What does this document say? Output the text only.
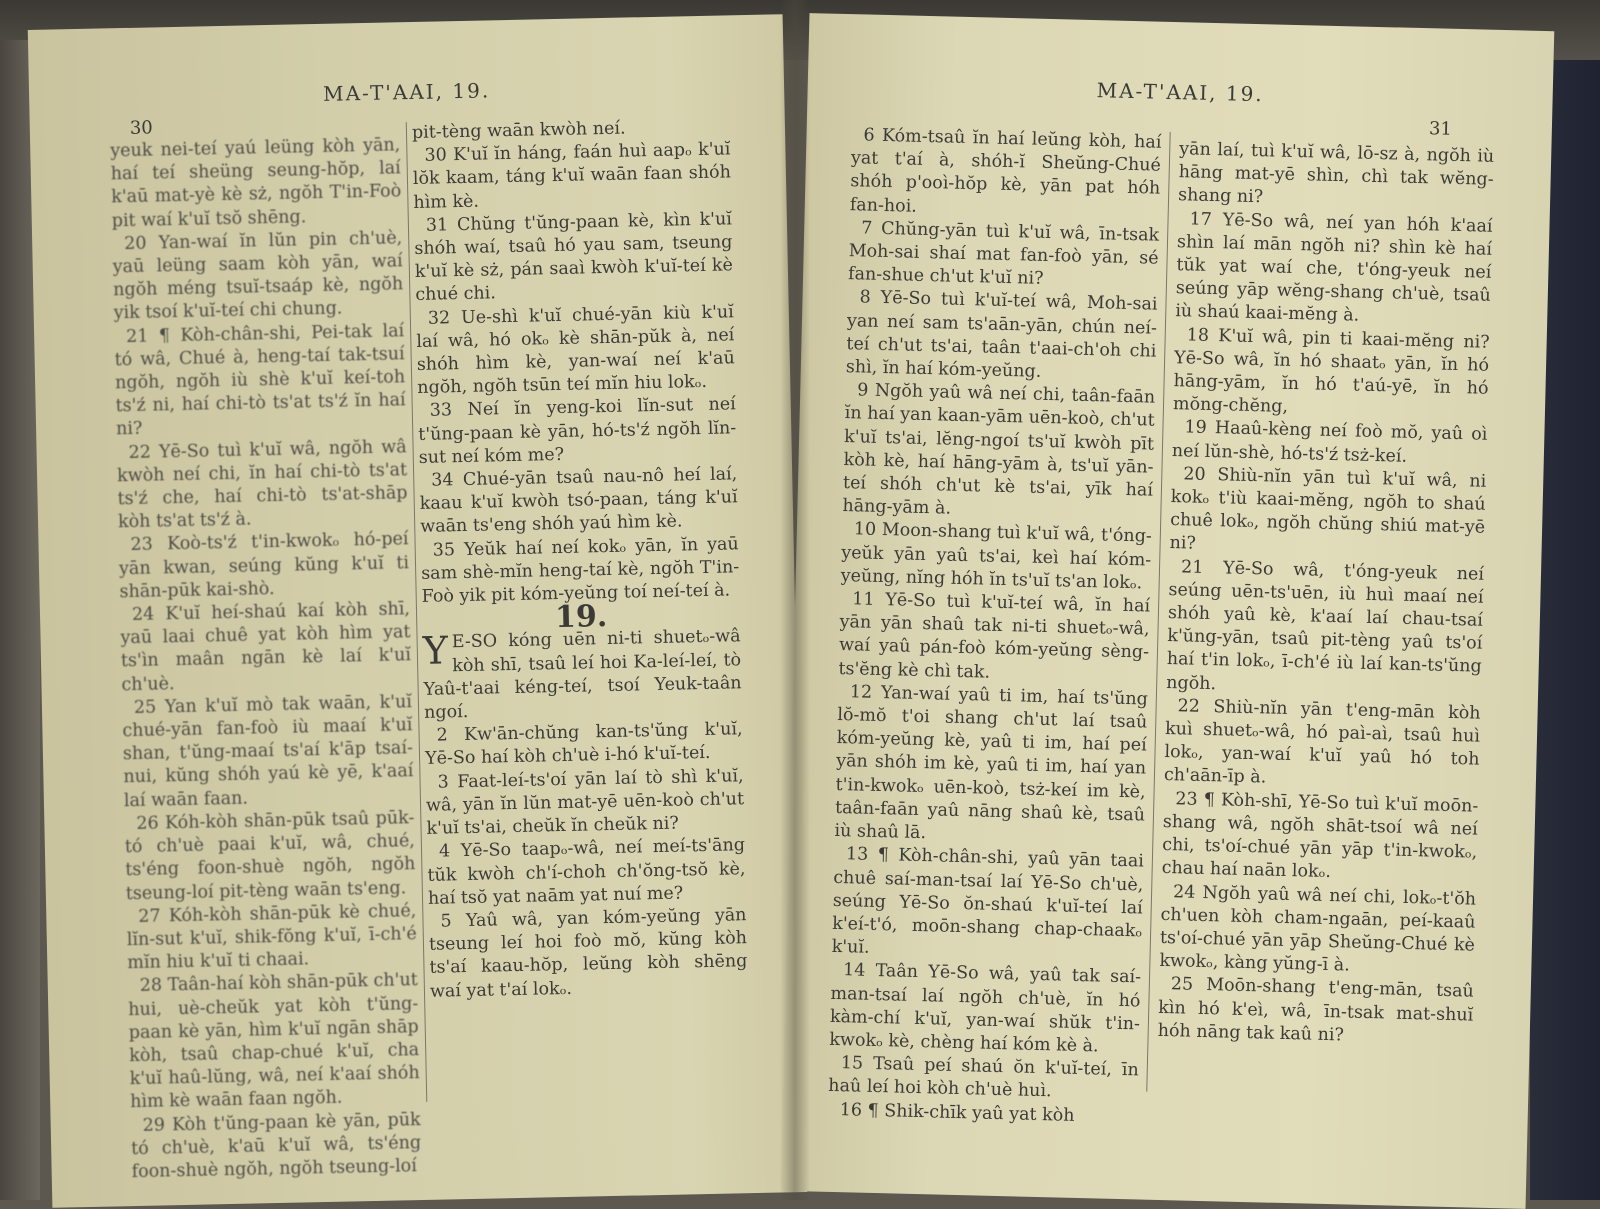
MA-T'AAI, 19.
30

yeuk nei-teí yaú leüng kòh yān, haí teí sheüng seung-hŏp, laí k'aū mat-yè kè sż, ngŏh T'in-Foò pit waí k'uĭ tsŏ shēng.

20 Yan-waí ĭn lŭn pin ch'uè, yaū leüng saam kòh yān, waí ngŏh méng tsuĭ-tsaáp kè, ngŏh yik tsoí k'uĭ-teí chi chung.

21 ¶ Kòh-chân-shi, Pei-tak laí tó wâ, Chué à, heng-taí tak-tsuí ngŏh, ngŏh iù shè k'uĭ keí-toh ts'ź ni, haí chi-tò ts'at ts'ź ĭn haí ni?

22 Yē-So tuì k'uĭ wâ, ngŏh wâ kwòh neí chi, ĭn haí chi-tò ts'at ts'ź che, haí chi-tò ts'at-shāp kòh ts'at ts'ź à.

23 Koò-ts'ź t'in-kwokₒ hó-peí yān kwan, seúng kŭng k'uĭ ti shān-pūk kai-shò.

24 K'uĭ heí-shaú kaí kòh shī, yaū laai chuê yat kòh hìm yat ts'ìn maân ngān kè laí k'uĭ ch'uè.

25 Yan k'uĭ mò tak waān, k'uĭ chué-yān fan-foò iù maaí k'uĭ shan, t'ŭng-maaí ts'aí k'āp tsaí-nui, kŭng shóh yaú kè yē, k'aaí laí waān faan.

26 Kóh-kòh shān-pūk tsaû pūk-tó ch'uè paai k'uĭ, wâ, chué, ts'éng foon-shuè ngŏh, ngŏh tseung-loí pit-tèng waān ts'eng.

27 Kóh-kòh shān-pūk kè chué, lĭn-sut k'uĭ, shik-fŏng k'uĭ, ī-ch'é mĭn hiu k'uĭ ti chaai.

28 Taân-haí kòh shān-pūk ch'ut hui, uè-cheŭk yat kòh t'ŭng-paan kè yān, hìm k'uĭ ngān shāp kòh, tsaû chap-chué k'uĭ, cha k'uĭ haû-lŭng, wâ, neí k'aaí shóh hìm kè waān faan ngŏh.

29 Kòh t'ŭng-paan kè yān, pūk tó ch'uè, k'aū k'uĭ wâ, ts'éng foon-shuè ngŏh, ngŏh tseung-loí

pit-tèng waān kwòh neí.

30 K'uĭ ĭn háng, faán huì aapₒ k'uĭ lŏk kaam, táng k'uĭ waān faan shóh hìm kè.

31 Chŭng t'ŭng-paan kè, kìn k'uĭ shóh waí, tsaû hó yau sam, tseung k'uĭ kè sż, pán saaì kwòh k'uĭ-teí kè chué chi.

32 Ue-shì k'uĭ chué-yān kiù k'uĭ laí wâ, hó okₒ kè shān-pŭk à, neí shóh hìm kè, yan-waí neí k'aū ngŏh, ngŏh tsūn teí mĭn hiu lokₒ.

33 Neí ĭn yeng-koi lĭn-sut neí t'ŭng-paan kè yān, hó-ts'ź ngŏh lĭn-sut neí kóm me?

34 Chué-yān tsaû nau-nô heí laí, kaau k'uĭ kwòh tsó-paan, táng k'uĭ waān ts'eng shóh yaú hìm kè.

35 Yeŭk haí neí kokₒ yān, ĭn yaū sam shè-mĭn heng-taí kè, ngŏh T'in-Foò yik pit kóm-yeŭng toí neí-teí à.

19.

YE-SO kóng uēn ni-ti shuetₒ-wâ kòh shī, tsaû leí hoi Ka-leí-leí, tò Yaû-t'aai kéng-teí, tsoí Yeuk-taân ngoí.

2 Kw'ān-chŭng kan-ts'ŭng k'uĭ, Yē-So haí kòh ch'uè i-hó k'uĭ-teí.

3 Faat-leí-ts'oí yān laí tò shì k'uĭ, wâ, yān ĭn lŭn mat-yē uēn-koò ch'ut k'uĭ ts'ai, cheŭk ĭn cheŭk ni?

4 Yē-So taapₒ-wâ, neí meí-ts'āng tŭk kwòh ch'í-choh ch'ŏng-tsŏ kè, haí tsŏ yat naām yat nuí me?

5 Yaû wâ, yan kóm-yeŭng yān tseung leí hoi foò mŏ, kŭng kòh ts'aí kaau-hŏp, leŭng kòh shēng waí yat t'aí lokₒ.

MA-T'AAI, 19.
31

6 Kóm-tsaû ĭn haí leŭng kòh, haí yat t'aí à, shóh-ĭ Sheŭng-Chué shóh p'ooì-hŏp kè, yān pat hóh fan-hoi.

7 Chŭng-yān tuì k'uĭ wâ, īn-tsak Moh-sai shaí mat fan-foò yān, sé fan-shue ch'ut k'uĭ ni?

8 Yē-So tuì k'uĭ-teí wâ, Moh-sai yan neí sam ts'aān-yān, chún neí-teí ch'ut ts'ai, taân t'aai-ch'oh chi shì, ĭn haí kóm-yeŭng.

9 Ngŏh yaû wâ neí chi, taân-faān ĭn haí yan kaan-yām uēn-koò, ch'ut k'uĭ ts'ai, lĕng-ngoí ts'uĭ kwòh pīt kòh kè, haí hāng-yām à, ts'uĭ yān-teí shóh ch'ut kè ts'ai, yīk haí hāng-yām à.

10 Moon-shang tuì k'uĭ wâ, t'óng-yeŭk yān yaû ts'ai, keì haí kóm-yeŭng, nĭng hóh ĭn ts'uĭ ts'an lokₒ.

11 Yē-So tuì k'uĭ-teí wâ, ĭn haí yān yān shaû tak ni-ti shuetₒ-wâ, waí yaû pán-foò kóm-yeŭng sèng-ts'ĕng kè chì tak.

12 Yan-waí yaû ti im, haí ts'ŭng lŏ-mŏ t'oi shang ch'ut laí tsaû kóm-yeŭng kè, yaû ti im, haí peí yān shóh im kè, yaû ti im, haí yan t'in-kwokₒ uēn-koò, tsż-keí im kè, taân-faān yaû nāng shaû kè, tsaû iù shaû lā.

13 ¶ Kòh-chân-shi, yaû yān taai chuê saí-man-tsaí laí Yē-So ch'uè, seúng Yē-So ŏn-shaú k'uĭ-teí laí k'eí-t'ó, moōn-shang chap-chaakₒ k'uĭ.

14 Taân Yē-So wâ, yaû tak saí-man-tsaí laí ngŏh ch'uè, ĭn hó kàm-chí k'uĭ, yan-waí shŭk t'in-kwokₒ kè, chèng haí kóm kè à.

15 Tsaû peí shaú ŏn k'uĭ-teí, īn haû leí hoi kòh ch'uè huì.

16 ¶ Shik-chīk yaû yat kòh

yān laí, tuì k'uĭ wâ, lō-sz à, ngŏh iù hāng mat-yē shìn, chì tak wĕng-shang ni?

17 Yē-So wâ, neí yan hóh k'aaí shìn laí mān ngŏh ni? shìn kè haí tŭk yat waí che, t'óng-yeuk neí seúng yāp wĕng-shang ch'uè, tsaû iù shaú kaai-mĕng à.

18 K'uĭ wâ, pin ti kaai-mĕng ni? Yē-So wâ, ĭn hó shaatₒ yān, ĭn hó hāng-yām, ĭn hó t'aú-yē, ĭn hó mŏng-chĕng,

19 Haaû-kèng neí foò mŏ, yaû oì neí lŭn-shè, hó-ts'ź tsż-keí.

20 Shiù-nĭn yān tuì k'uĭ wâ, ni kokₒ t'iù kaai-mĕng, ngŏh to shaú chuê lokₒ, ngŏh chŭng shiú mat-yē ni?

21 Yē-So wâ, t'óng-yeuk neí seúng uēn-ts'uēn, iù huì maaí neí shóh yaû kè, k'aaí laí chau-tsaí k'ŭng-yān, tsaû pit-tèng yaû ts'oí haí t'in lokₒ, ī-ch'é iù laí kan-ts'ŭng ngŏh.

22 Shiù-nĭn yān t'eng-mān kòh kuì shuetₒ-wâ, hó paì-aì, tsaû huì lokₒ, yan-waí k'uĭ yaû hó toh ch'aān-īp à.

23 ¶ Kòh-shī, Yē-So tuì k'uĭ moōn-shang wâ, ngŏh shāt-tsoí wâ neí chi, ts'oí-chué yān yāp t'in-kwokₒ, chau haí naān lokₒ.

24 Ngŏh yaû wâ neí chi, lokₒ-t'ŏh ch'uen kòh cham-ngaān, peí-kaaû ts'oí-chué yān yāp Sheŭng-Chué kè kwokₒ, kàng yŭng-ī à.

25 Moōn-shang t'eng-mān, tsaû kìn hó k'eì, wâ, īn-tsak mat-shuĭ hóh nāng tak kaû ni?
